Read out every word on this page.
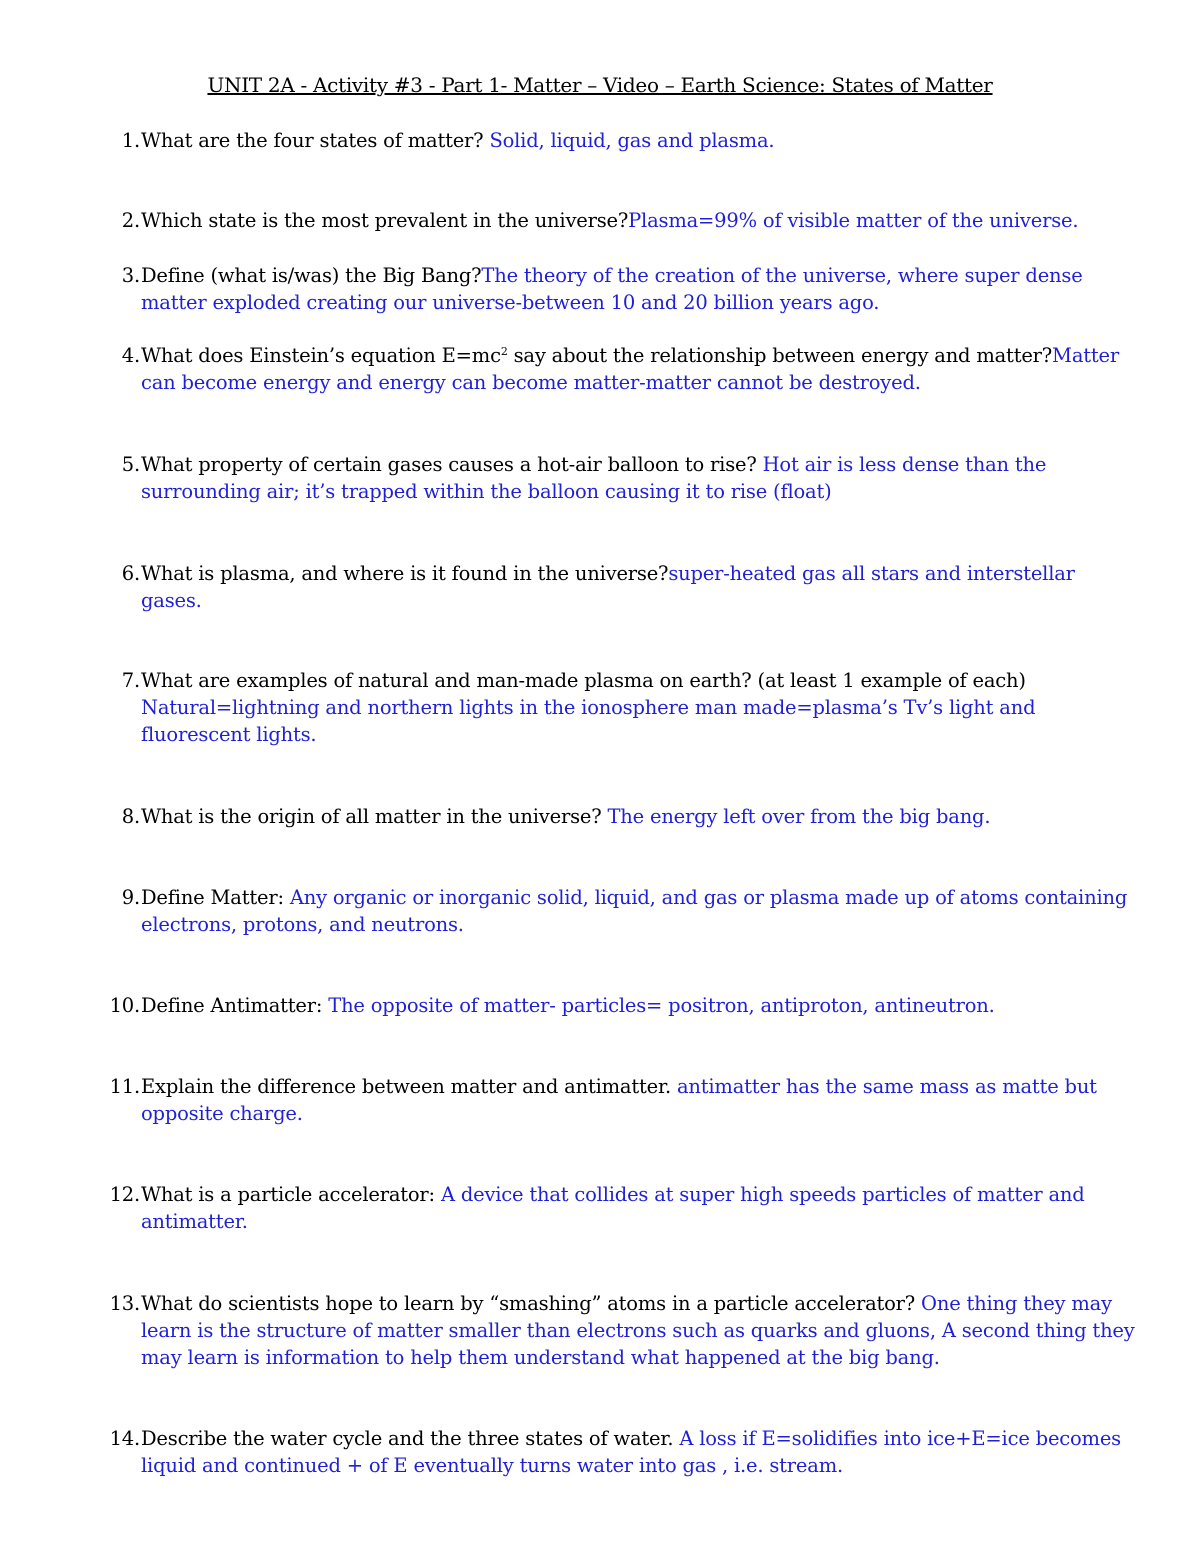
UNIT 2A - Activity #3 - Part 1- Matter – Video – Earth Science: States of Matter
1. What are the four states of matter? Solid, liquid, gas and plasma.
2. Which state is the most prevalent in the universe?Plasma=99% of visible matter of the universe.
3. Define (what is/was) the Big Bang?The theory of the creation of the universe, where super dense matter exploded creating our universe-between 10 and 20 billion years ago.
4. What does Einstein’s equation $E=mc^2$ say about the relationship between energy and matter?Matter can become energy and energy can become matter-matter cannot be destroyed.
5. What property of certain gases causes a hot-air balloon to rise? Hot air is less dense than the surrounding air; it’s trapped within the balloon causing it to rise (float)
6. What is plasma, and where is it found in the universe?super-heated gas all stars and interstellar gases.
7. What are examples of natural and man-made plasma on earth? (at least 1 example of each) Natural=lightning and northern lights in the ionosphere man made=plasma’s Tv’s light and fluorescent lights.
8. What is the origin of all matter in the universe? The energy left over from the big bang.
9. Define Matter: Any organic or inorganic solid, liquid, and gas or plasma made up of atoms containing electrons, protons, and neutrons.
10. Define Antimatter: The opposite of matter- particles= positron, antiproton, antineutron.
11. Explain the difference between matter and antimatter. antimatter has the same mass as matte but opposite charge.
12. What is a particle accelerator: A device that collides at super high speeds particles of matter and antimatter.
13. What do scientists hope to learn by “smashing” atoms in a particle accelerator? One thing they may learn is the structure of matter smaller than electrons such as quarks and gluons, A second thing they may learn is information to help them understand what happened at the big bang.
14. Describe the water cycle and the three states of water. A loss if E=solidifies into ice+E=ice becomes liquid and continued + of E eventually turns water into gas , i.e. stream.
